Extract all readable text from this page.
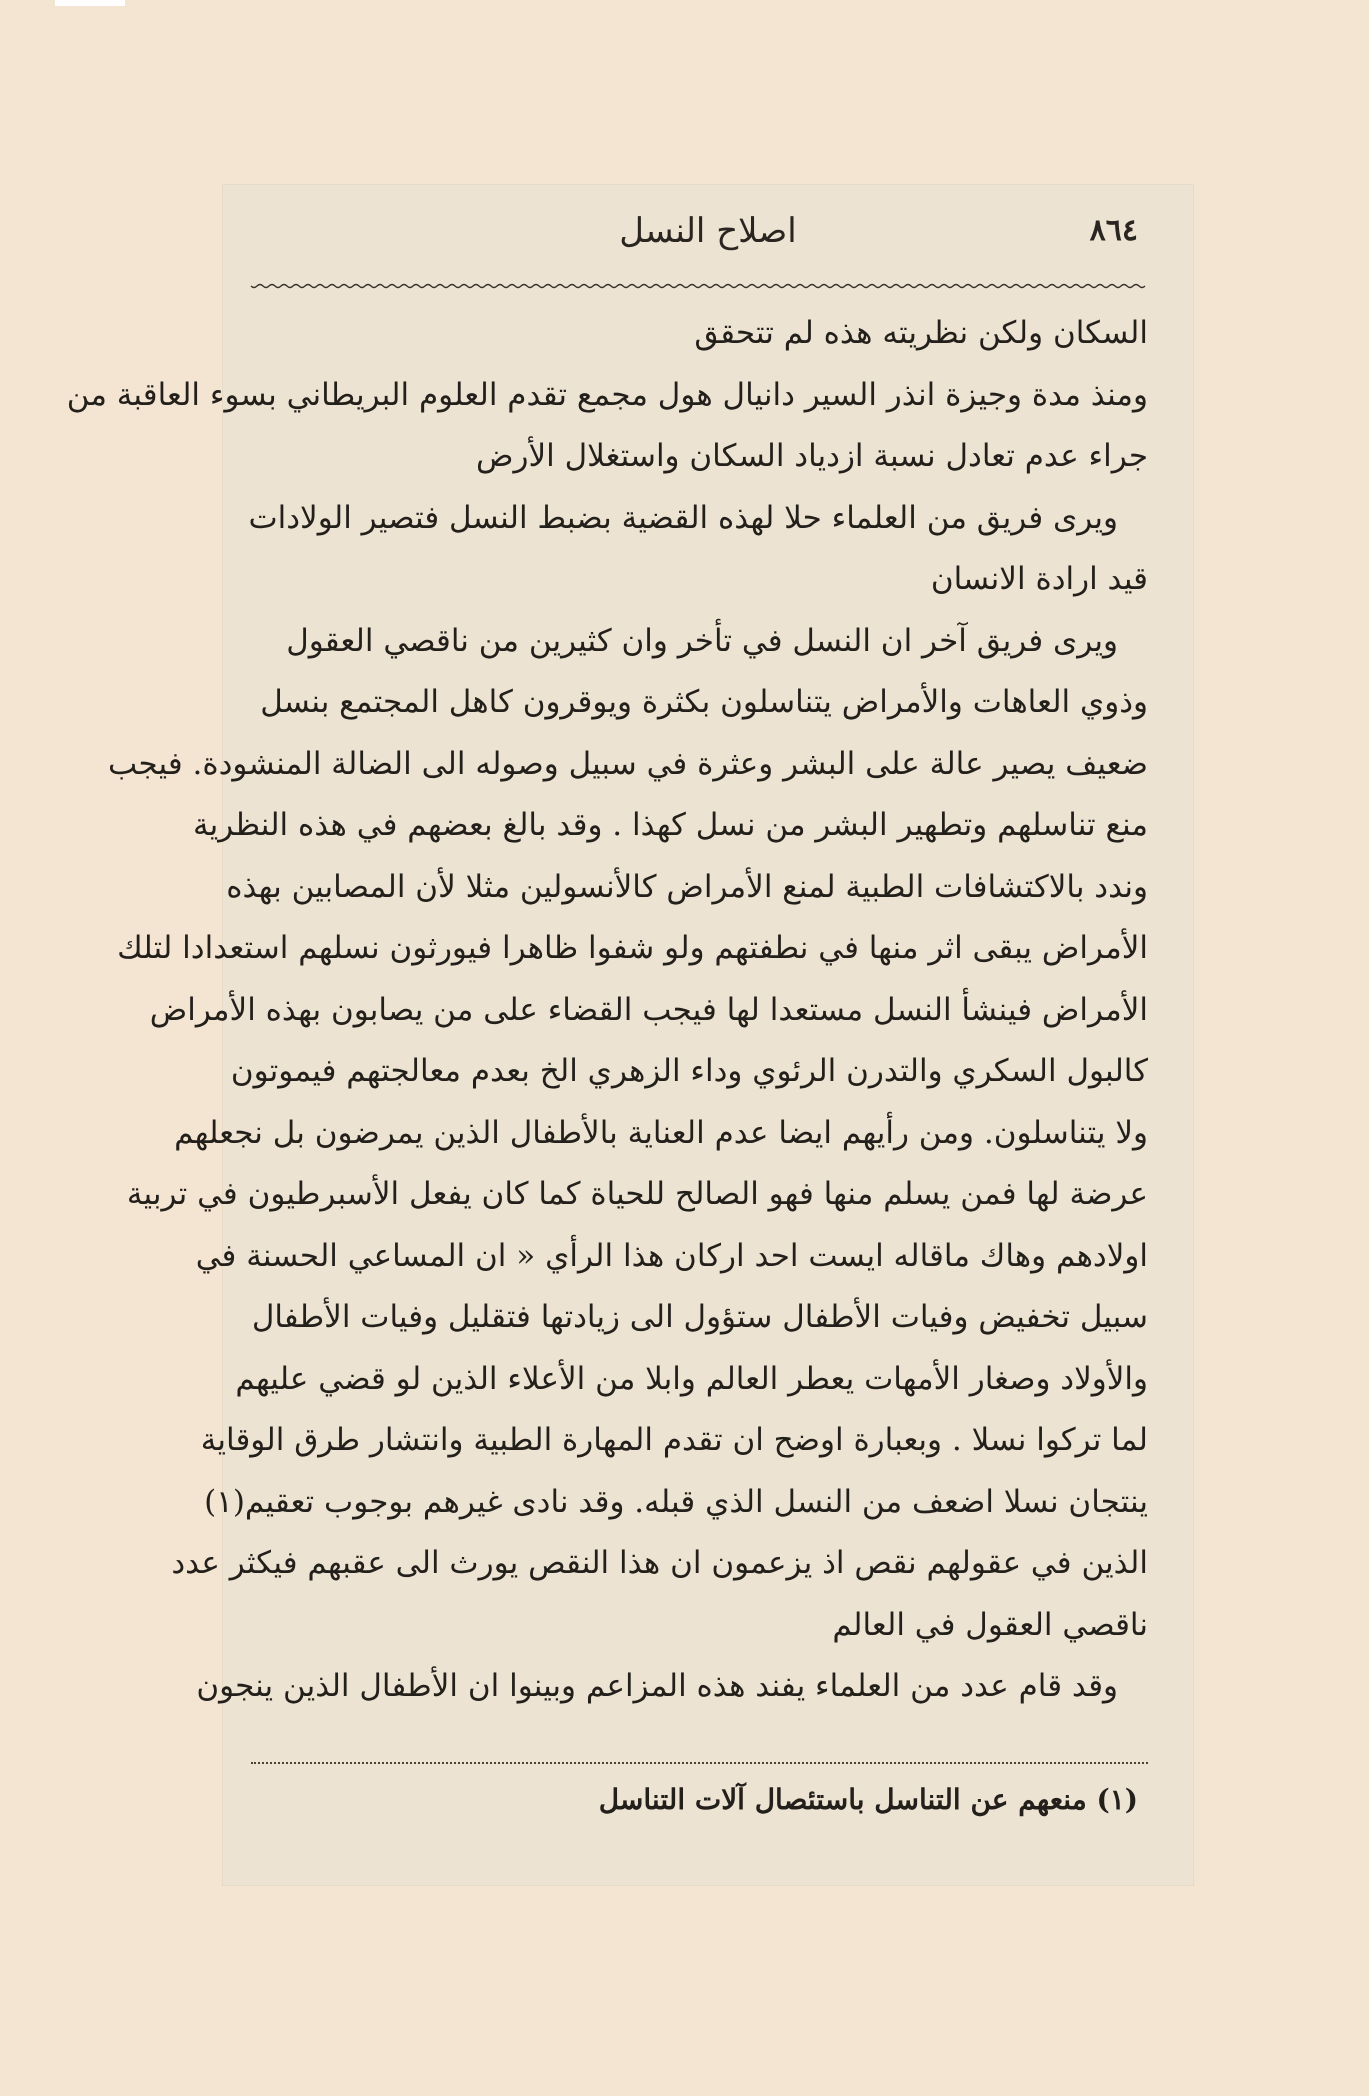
٨٦٤
اصلاح النسل
السكان ولكن نظريته هذه لم تتحقق
ومنذ مدة وجيزة انذر السير دانيال هول مجمع تقدم العلوم البريطاني بسوء العاقبة من
جراء عدم تعادل نسبة ازدياد السكان واستغلال الأرض
ويرى فريق من العلماء حلا لهذه القضية بضبط النسل فتصير الولادات
قيد ارادة الانسان
ويرى فريق آخر ان النسل في تأخر وان كثيرين من ناقصي العقول
وذوي العاهات والأمراض يتناسلون بكثرة ويوقرون كاهل المجتمع بنسل
ضعيف يصير عالة على البشر وعثرة في سبيل وصوله الى الضالة المنشودة. فيجب
منع تناسلهم وتطهير البشر من نسل كهذا . وقد بالغ بعضهم في هذه النظرية
وندد بالاكتشافات الطبية لمنع الأمراض كالأنسولين مثلا لأن المصابين بهذه
الأمراض يبقى اثر منها في نطفتهم ولو شفوا ظاهرا فيورثون نسلهم استعدادا لتلك
الأمراض فينشأ النسل مستعدا لها فيجب القضاء على من يصابون بهذه الأمراض
كالبول السكري والتدرن الرئوي وداء الزهري الخ بعدم معالجتهم فيموتون
ولا يتناسلون. ومن رأيهم ايضا عدم العناية بالأطفال الذين يمرضون بل نجعلهم
عرضة لها فمن يسلم منها فهو الصالح للحياة كما كان يفعل الأسبرطيون في تربية
اولادهم وهاك ماقاله ايست احد اركان هذا الرأي « ان المساعي الحسنة في
سبيل تخفيض وفيات الأطفال ستؤول الى زيادتها فتقليل وفيات الأطفال
والأولاد وصغار الأمهات يعطر العالم وابلا من الأعلاء الذين لو قضي عليهم
لما تركوا نسلا . وبعبارة اوضح ان تقدم المهارة الطبية وانتشار طرق الوقاية
ينتجان نسلا اضعف من النسل الذي قبله. وقد نادى غيرهم بوجوب تعقيم(١)
الذين في عقولهم نقص اذ يزعمون ان هذا النقص يورث الى عقبهم فيكثر عدد
ناقصي العقول في العالم
وقد قام عدد من العلماء يفند هذه المزاعم وبينوا ان الأطفال الذين ينجون
(١) منعهم عن التناسل باستئصال آلات التناسل
